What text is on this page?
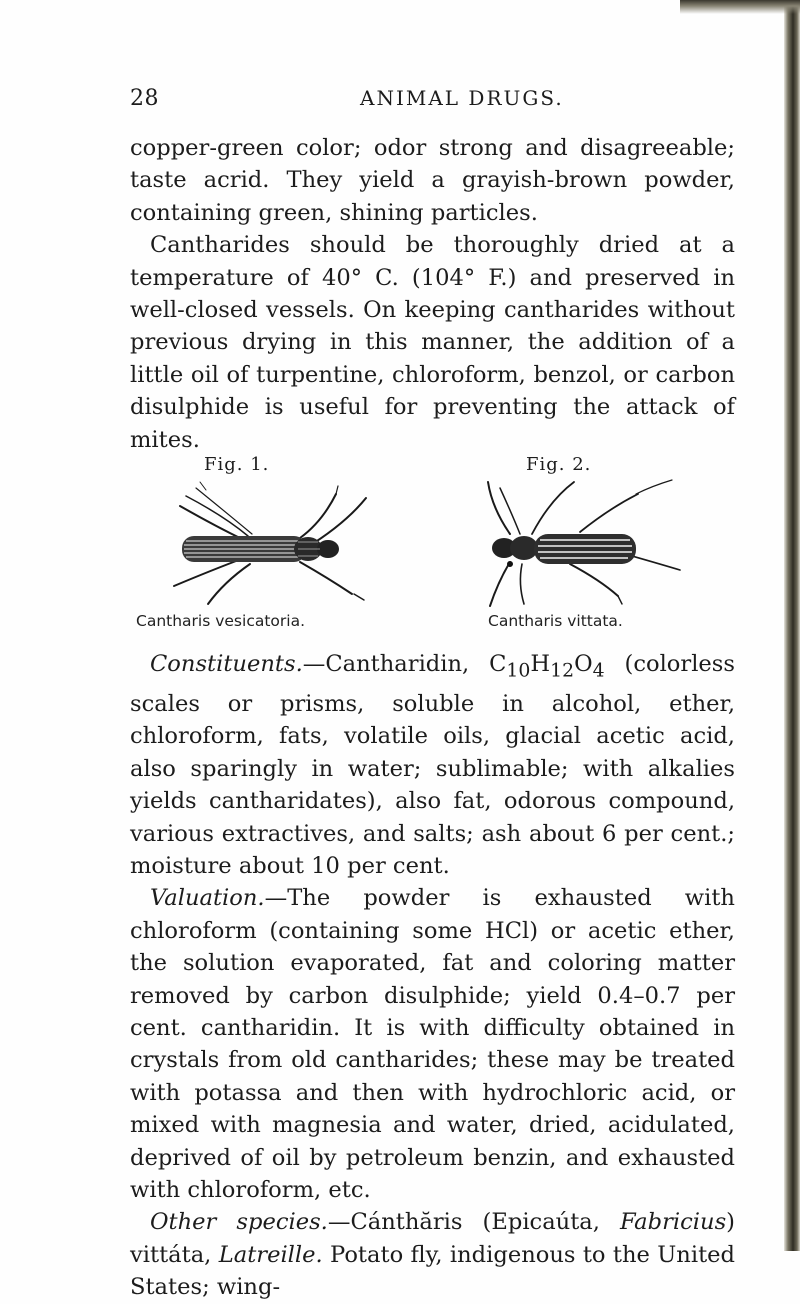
28	ANIMAL DRUGS.

copper-green color; odor strong and disagreeable; taste acrid. They yield a grayish-brown powder, containing green, shining particles.

Cantharides should be thoroughly dried at a temperature of 40° C. (104° F.) and preserved in well-closed vessels. On keeping cantharides without previous drying in this manner, the addition of a little oil of turpentine, chloroform, benzol, or carbon disulphide is useful for preventing the attack of mites.

Fig. 1.
Cantharis vesicatoria.
Fig. 2.
Cantharis vittata.

Constituents.—Cantharidin, $C_{10}H_{12}O_4$ (colorless scales or prisms, soluble in alcohol, ether, chloroform, fats, volatile oils, glacial acetic acid, also sparingly in water; sublimable; with alkalies yields cantharidates), also fat, odorous compound, various extractives, and salts; ash about 6 per cent.; moisture about 10 per cent.

Valuation.—The powder is exhausted with chloroform (containing some HCl) or acetic ether, the solution evaporated, fat and coloring matter removed by carbon disulphide; yield 0.4–0.7 per cent. cantharidin. It is with difficulty obtained in crystals from old cantharides; these may be treated with potassa and then with hydrochloric acid, or mixed with magnesia and water, dried, acidulated, deprived of oil by petroleum benzin, and exhausted with chloroform, etc.

Other species.—Cánthăris (Epicaúta, Fabricius) vittáta, Latreille. Potato fly, indigenous to the United States; wing-
